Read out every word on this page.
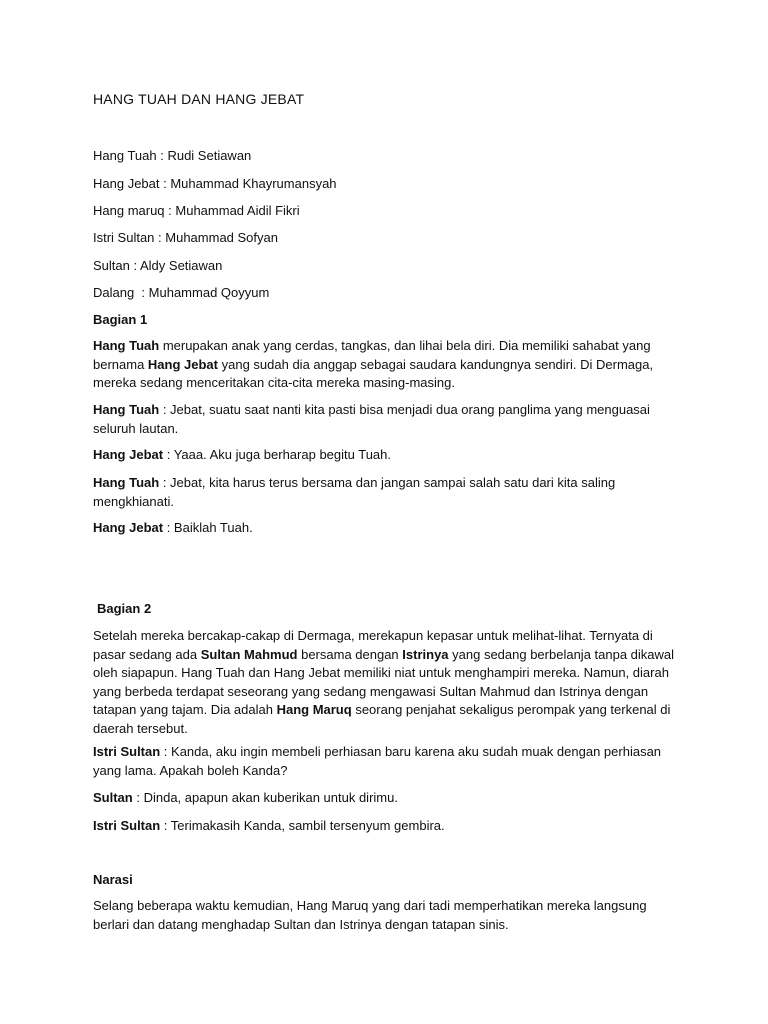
HANG TUAH DAN HANG JEBAT
Hang Tuah : Rudi Setiawan
Hang Jebat : Muhammad Khayrumansyah
Hang maruq : Muhammad Aidil Fikri
Istri Sultan : Muhammad Sofyan
Sultan : Aldy Setiawan
Dalang  : Muhammad Qoyyum
Bagian 1
Hang Tuah merupakan anak yang cerdas, tangkas, dan lihai bela diri. Dia memiliki sahabat yang bernama Hang Jebat yang sudah dia anggap sebagai saudara kandungnya sendiri. Di Dermaga, mereka sedang menceritakan cita-cita mereka masing-masing.
Hang Tuah : Jebat, suatu saat nanti kita pasti bisa menjadi dua orang panglima yang menguasai seluruh lautan.
Hang Jebat : Yaaa. Aku juga berharap begitu Tuah.
Hang Tuah : Jebat, kita harus terus bersama dan jangan sampai salah satu dari kita saling mengkhianati.
Hang Jebat : Baiklah Tuah.
Bagian 2
Setelah mereka bercakap-cakap di Dermaga, merekapun kepasar untuk melihat-lihat. Ternyata di pasar sedang ada Sultan Mahmud bersama dengan Istrinya yang sedang berbelanja tanpa dikawal oleh siapapun. Hang Tuah dan Hang Jebat memiliki niat untuk menghampiri mereka. Namun, diarah yang berbeda terdapat seseorang yang sedang mengawasi Sultan Mahmud dan Istrinya dengan tatapan yang tajam. Dia adalah Hang Maruq seorang penjahat sekaligus perompak yang terkenal di daerah tersebut.
Istri Sultan : Kanda, aku ingin membeli perhiasan baru karena aku sudah muak dengan perhiasan yang lama. Apakah boleh Kanda?
Sultan : Dinda, apapun akan kuberikan untuk dirimu.
Istri Sultan : Terimakasih Kanda, sambil tersenyum gembira.
Narasi
Selang beberapa waktu kemudian, Hang Maruq yang dari tadi memperhatikan mereka langsung berlari dan datang menghadap Sultan dan Istrinya dengan tatapan sinis.
